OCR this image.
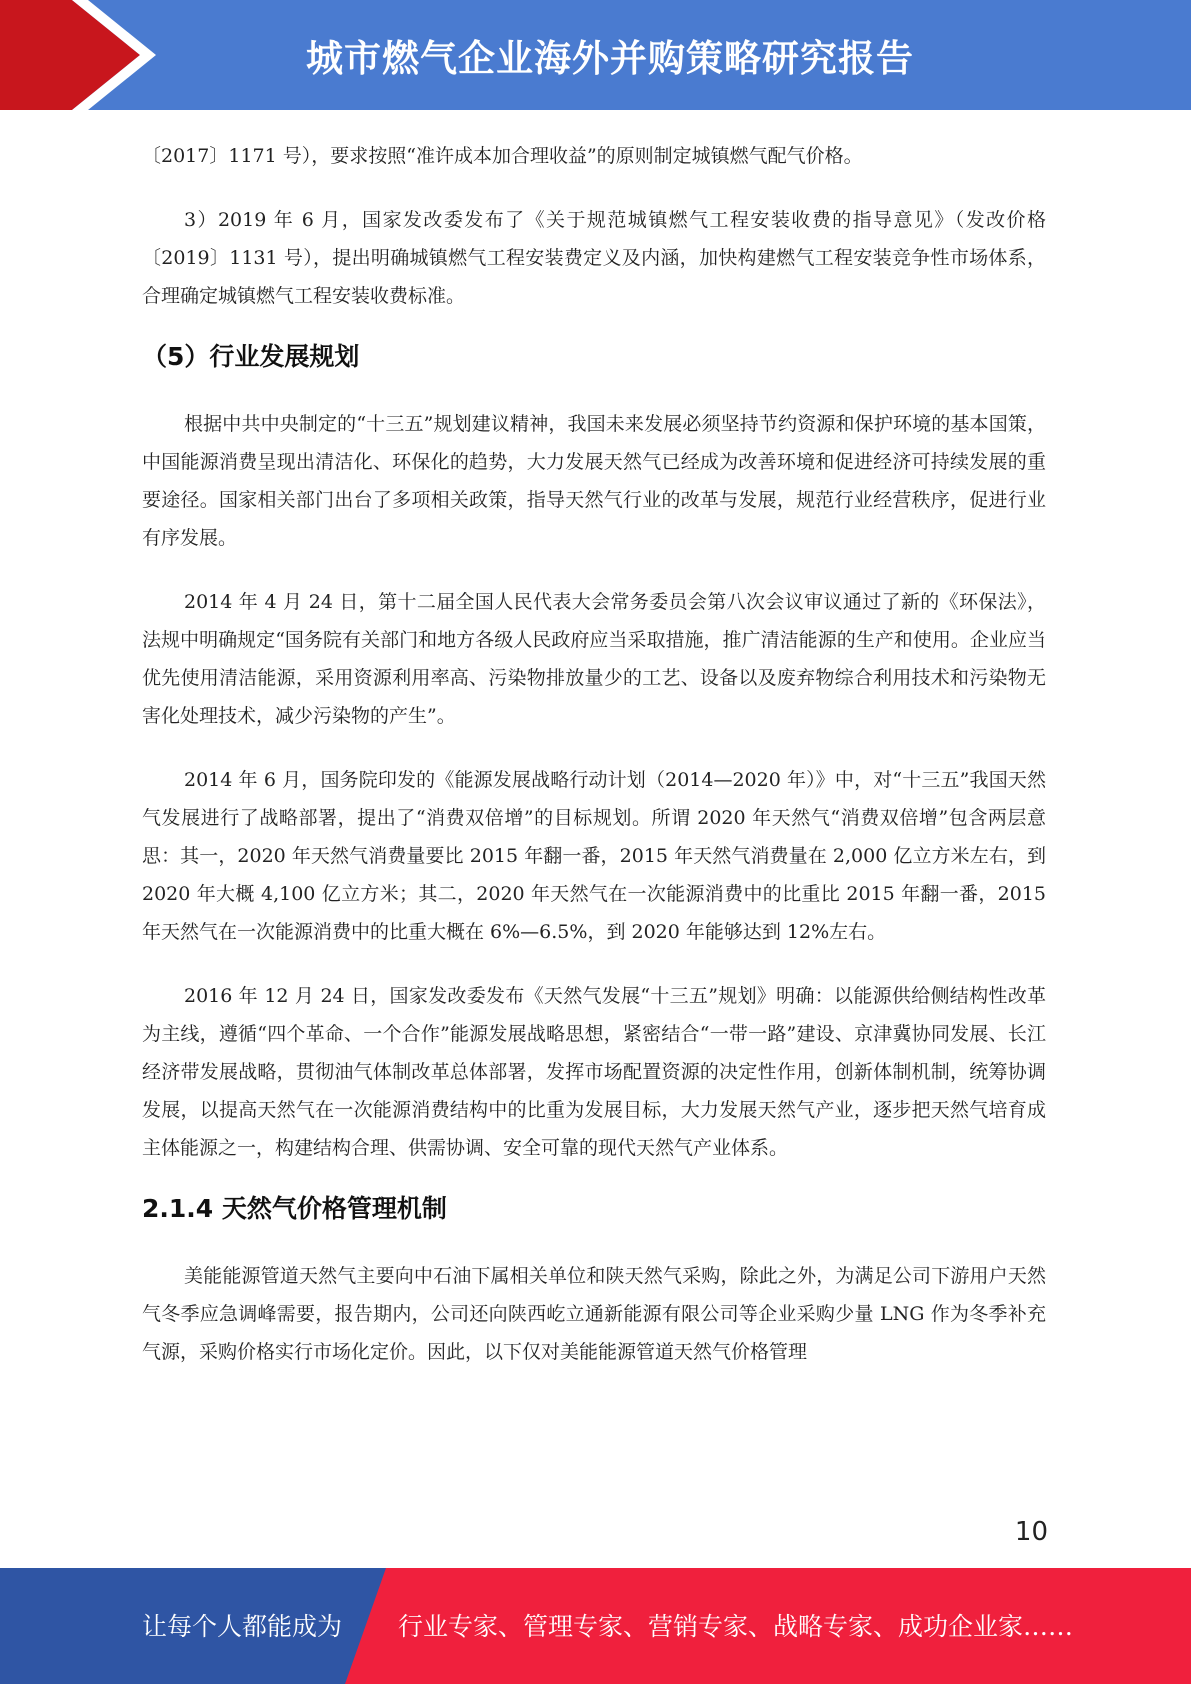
城市燃气企业海外并购策略研究报告

〔2017〕1171 号），要求按照“准许成本加合理收益”的原则制定城镇燃气配气价格。

3）2019 年 6 月，国家发改委发布了《关于规范城镇燃气工程安装收费的指导意见》（发改价格〔2019〕1131 号），提出明确城镇燃气工程安装费定义及内涵，加快构建燃气工程安装竞争性市场体系，合理确定城镇燃气工程安装收费标准。

（5）行业发展规划

根据中共中央制定的“十三五”规划建议精神，我国未来发展必须坚持节约资源和保护环境的基本国策，中国能源消费呈现出清洁化、环保化的趋势，大力发展天然气已经成为改善环境和促进经济可持续发展的重要途径。国家相关部门出台了多项相关政策，指导天然气行业的改革与发展，规范行业经营秩序，促进行业有序发展。

2014 年 4 月 24 日，第十二届全国人民代表大会常务委员会第八次会议审议通过了新的《环保法》，法规中明确规定“国务院有关部门和地方各级人民政府应当采取措施，推广清洁能源的生产和使用。企业应当优先使用清洁能源，采用资源利用率高、污染物排放量少的工艺、设备以及废弃物综合利用技术和污染物无害化处理技术，减少污染物的产生”。

2014 年 6 月，国务院印发的《能源发展战略行动计划（2014—2020 年）》中，对“十三五”我国天然气发展进行了战略部署，提出了“消费双倍增”的目标规划。所谓 2020 年天然气“消费双倍增”包含两层意思：其一，2020 年天然气消费量要比 2015 年翻一番，2015 年天然气消费量在 2,000 亿立方米左右，到 2020 年大概 4,100 亿立方米；其二，2020 年天然气在一次能源消费中的比重比 2015 年翻一番，2015 年天然气在一次能源消费中的比重大概在 6%—6.5%，到 2020 年能够达到 12%左右。

2016 年 12 月 24 日，国家发改委发布《天然气发展“十三五”规划》明确：以能源供给侧结构性改革为主线，遵循“四个革命、一个合作”能源发展战略思想，紧密结合“一带一路”建设、京津冀协同发展、长江经济带发展战略，贯彻油气体制改革总体部署，发挥市场配置资源的决定性作用，创新体制机制，统筹协调发展，以提高天然气在一次能源消费结构中的比重为发展目标，大力发展天然气产业，逐步把天然气培育成主体能源之一，构建结构合理、供需协调、安全可靠的现代天然气产业体系。

2.1.4 天然气价格管理机制

美能能源管道天然气主要向中石油下属相关单位和陕天然气采购，除此之外，为满足公司下游用户天然气冬季应急调峰需要，报告期内，公司还向陕西屹立通新能源有限公司等企业采购少量 LNG 作为冬季补充气源，采购价格实行市场化定价。因此，以下仅对美能能源管道天然气价格管理

10
让每个人都能成为 行业专家、管理专家、营销专家、战略专家、成功企业家……
